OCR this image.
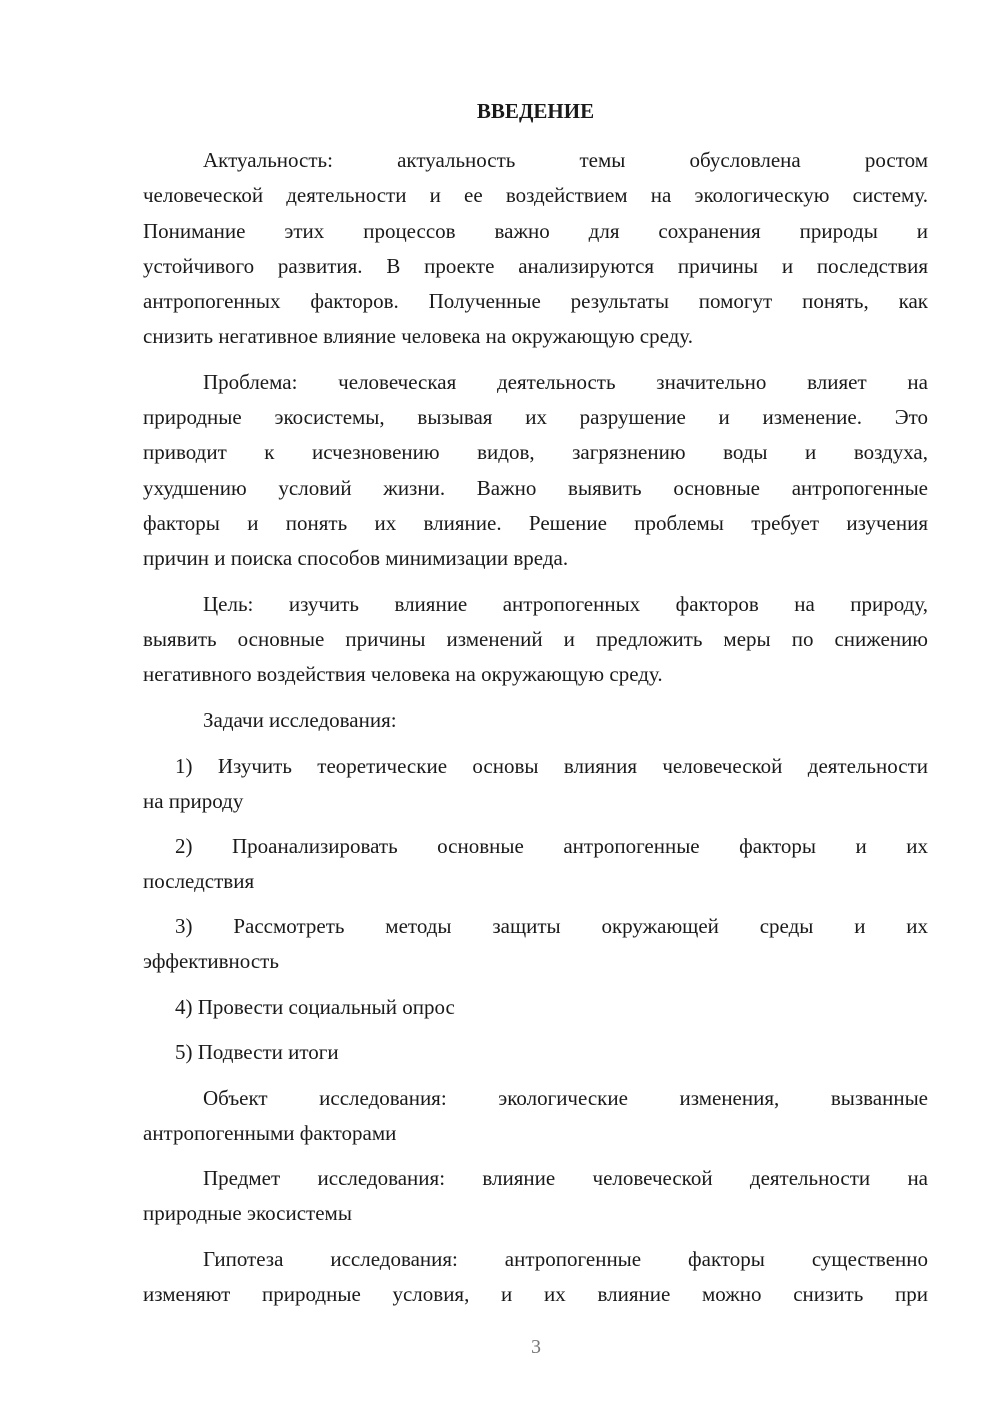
ВВЕДЕНИЕ
Актуальность: актуальность темы обусловлена ростом
человеческой деятельности и ее воздействием на экологическую систему.
Понимание этих процессов важно для сохранения природы и
устойчивого развития. В проекте анализируются причины и последствия
антропогенных факторов. Полученные результаты помогут понять, как
снизить негативное влияние человека на окружающую среду.
Проблема: человеческая деятельность значительно влияет на
природные экосистемы, вызывая их разрушение и изменение. Это
приводит к исчезновению видов, загрязнению воды и воздуха,
ухудшению условий жизни. Важно выявить основные антропогенные
факторы и понять их влияние. Решение проблемы требует изучения
причин и поиска способов минимизации вреда.
Цель: изучить влияние антропогенных факторов на природу,
выявить основные причины изменений и предложить меры по снижению
негативного воздействия человека на окружающую среду.
Задачи исследования:
1) Изучить теоретические основы влияния человеческой деятельности
на природу
2) Проанализировать основные антропогенные факторы и их
последствия
3) Рассмотреть методы защиты окружающей среды и их
эффективность
4) Провести социальный опрос
5) Подвести итоги
Объект исследования: экологические изменения, вызванные
антропогенными факторами
Предмет исследования: влияние человеческой деятельности на
природные экосистемы
Гипотеза исследования: антропогенные факторы существенно
изменяют природные условия, и их влияние можно снизить при
3
